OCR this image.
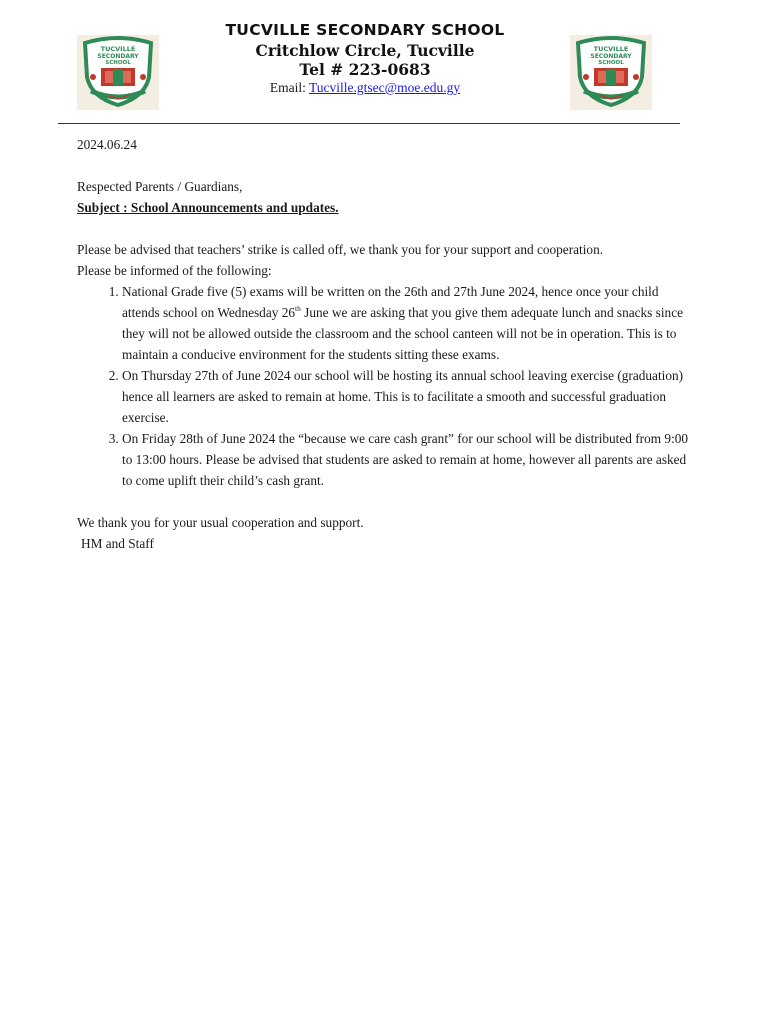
TUCVILLE
SECONDARY
SCHOOL
TUCVILLE SECONDARY SCHOOL
Critchlow Circle, Tucville
Tel # 223-0683
Email: Tucville.gtsec@moe.edu.gy
TUCVILLE
SECONDARY
SCHOOL

2024.06.24

Respected Parents / Guardians,

Subject : School Announcements and updates.

Please be advised that teachers’ strike is called off, we thank you for your support and cooperation.

Please be informed of the following:

1. National Grade five (5) exams will be written on the 26th and 27th June 2024, hence once your child attends school on Wednesday 26th June we are asking that you give them adequate lunch and snacks since they will not be allowed outside the classroom and the school canteen will not be in operation. This is to maintain a conducive environment for the students sitting these exams.
2. On Thursday 27th of June 2024 our school will be hosting its annual school leaving exercise (graduation) hence all learners are asked to remain at home. This is to facilitate a smooth and successful graduation exercise.
3. On Friday 28th of June 2024 the “because we care cash grant” for our school will be distributed from 9:00 to 13:00 hours. Please be advised that students are asked to remain at home, however all parents are asked to come uplift their child’s cash grant.

We thank you for your usual cooperation and support.

HM and Staff
